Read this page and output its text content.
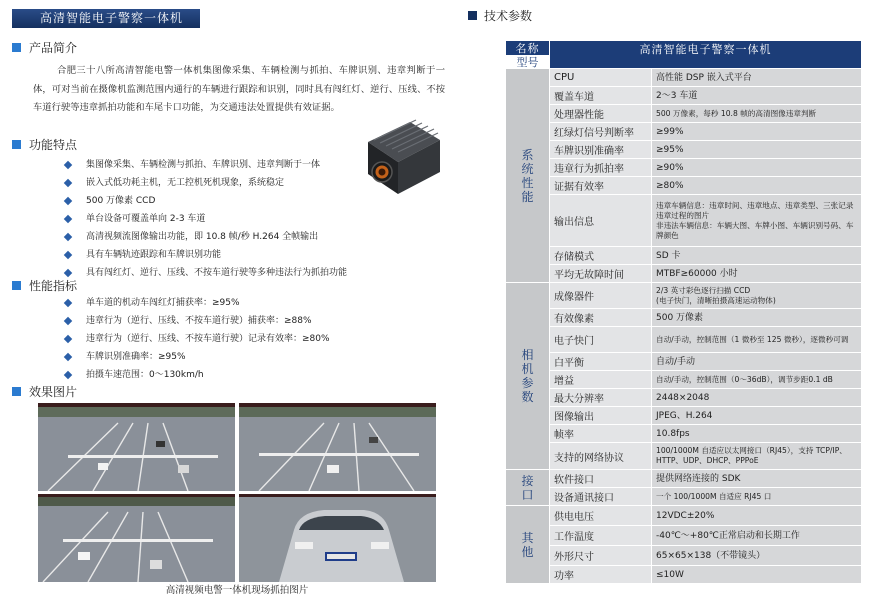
高清智能电子警察一体机
产品简介

合肥三十八所高清智能电警一体机集图像采集、车辆检测与抓拍、车牌识别、违章判断于一体，可对当前在摄像机监测范围内通行的车辆进行跟踪和识别，同时具有闯红灯、逆行、压线、不按车道行驶等违章抓拍功能和车尾卡口功能，为交通违法处置提供有效证据。

功能特点
集图像采集、车辆检测与抓拍、车牌识别、违章判断于一体
嵌入式低功耗主机，无工控机死机现象，系统稳定
500 万像素 CCD
单台设备可覆盖单向 2-3 车道
高清视频流图像输出功能，即 10.8 帧/秒 H.264 全帧输出
具有车辆轨迹跟踪和车牌识别功能
具有闯红灯、逆行、压线、不按车道行驶等多种违法行为抓拍功能
性能指标
单车道的机动车闯红灯捕获率：≥95%
违章行为（逆行、压线、不按车道行驶）捕获率：≥88%
违章行为（逆行、压线、不按车道行驶）记录有效率：≥80%
车牌识别准确率：≥95%
拍摄车速范围：0～130km/h
效果图片
高清视频电警一体机现场抓拍图片
技术参数
名称	高清智能电子警察一体机	
型号		
系统性能	CPU	高性能 DSP 嵌入式平台
	覆盖车道	2～3 车道
	处理器性能	500 万像素，每秒 10.8 帧的高清图像违章判断
	红绿灯信号判断率	≥99%
	车牌识别准确率	≥95%
	违章行为抓拍率	≥90%
	证据有效率	≥80%
	输出信息	违章车辆信息：违章时间、违章地点、违章类型、三张记录违章过程的图片
非违法车辆信息：车辆大图、车牌小图、车辆识别号码、车牌颜色
	存储模式	SD 卡
	平均无故障时间	MTBF≥60000 小时
相机参数	成像器件	2/3 英寸彩色逐行扫描 CCD
(电子快门，清晰拍摄高速运动物体)
	有效像素	500 万像素
	电子快门	自动/手动，控制范围（1 微秒至 125 微秒），逐微秒可调
	白平衡	自动/手动
	增益	自动/手动，控制范围（0～36dB），调节步距0.1 dB
	最大分辨率	2448×2048
	图像输出	JPEG、H.264
	帧率	10.8fps
	支持的网络协议	100/1000M 自适应以太网接口（RJ45），支持 TCP/IP、HTTP、UDP、DHCP、PPPoE
接口	软件接口	提供网络连接的 SDK
	设备通讯接口	一个 100/1000M 自适应 RJ45 口
其他	供电电压	12VDC±20%
	工作温度	-40℃～+80℃正常启动和长期工作
	外形尺寸	65×65×138（不带镜头）
	功率	≤10W
